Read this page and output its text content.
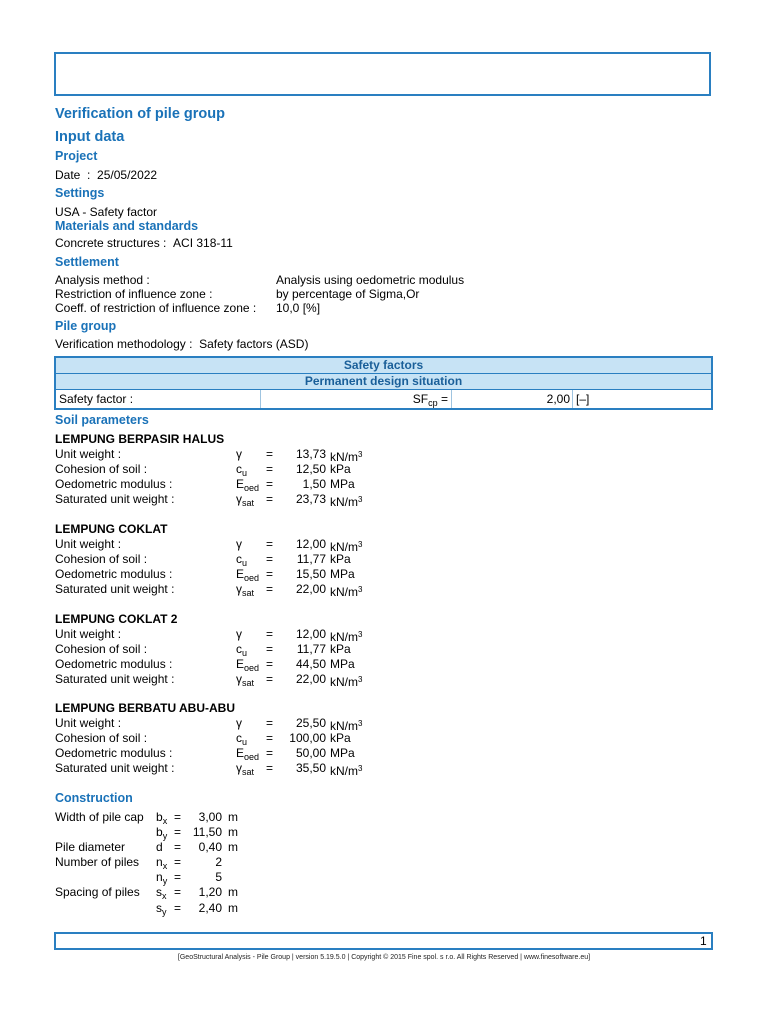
Verification of pile group
Input data
Project
Date : 25/05/2022
Settings
USA - Safety factor
Materials and standards
Concrete structures : ACI 318-11
Settlement
Analysis method :	Analysis using oedometric modulus
Restriction of influence zone :	by percentage of Sigma,Or
Coeff. of restriction of influence zone : 10,0 [%]
Pile group
Verification methodology : Safety factors (ASD)
Safety factors
Permanent design situation
Safety factor :	$SF_{cp}$ =	2,00 [–]
Soil parameters
LEMPUNG BERPASIR HALUS
Unit weight :	γ =	13,73 $kN/m^3$
Cohesion of soil :	$c_u$ =	12,50 kPa
Oedometric modulus :	$E_{oed}$ =	1,50 MPa
Saturated unit weight :	$\gamma_{sat}$ =	23,73 $kN/m^3$
LEMPUNG COKLAT
Unit weight :	γ =	12,00 $kN/m^3$
Cohesion of soil :	$c_u$ =	11,77 kPa
Oedometric modulus :	$E_{oed}$ =	15,50 MPa
Saturated unit weight :	$\gamma_{sat}$ =	22,00 $kN/m^3$
LEMPUNG COKLAT 2
Unit weight :	γ =	12,00 $kN/m^3$
Cohesion of soil :	$c_u$ =	11,77 kPa
Oedometric modulus :	$E_{oed}$ =	44,50 MPa
Saturated unit weight :	$\gamma_{sat}$ =	22,00 $kN/m^3$
LEMPUNG BERBATU ABU-ABU
Unit weight :	γ =	25,50 $kN/m^3$
Cohesion of soil :	$c_u$ =	100,00 kPa
Oedometric modulus :	$E_{oed}$ =	50,00 MPa
Saturated unit weight :	$\gamma_{sat}$ =	35,50 $kN/m^3$
Construction
Width of pile cap $b_x$ =	3,00 m
$b_y = 11,50$ m
Pile diameter	d =	0,40 m
Number of piles $n_x$ =	2
$n_y$ =	5
Spacing of piles $s_x$ =	1,20 m
$s_y$ =	2,40 m
1
[GeoStructural Analysis - Pile Group | version 5.19.5.0 | Copyright © 2015 Fine spol. s r.o. All Rights Reserved | www.finesoftware.eu]
